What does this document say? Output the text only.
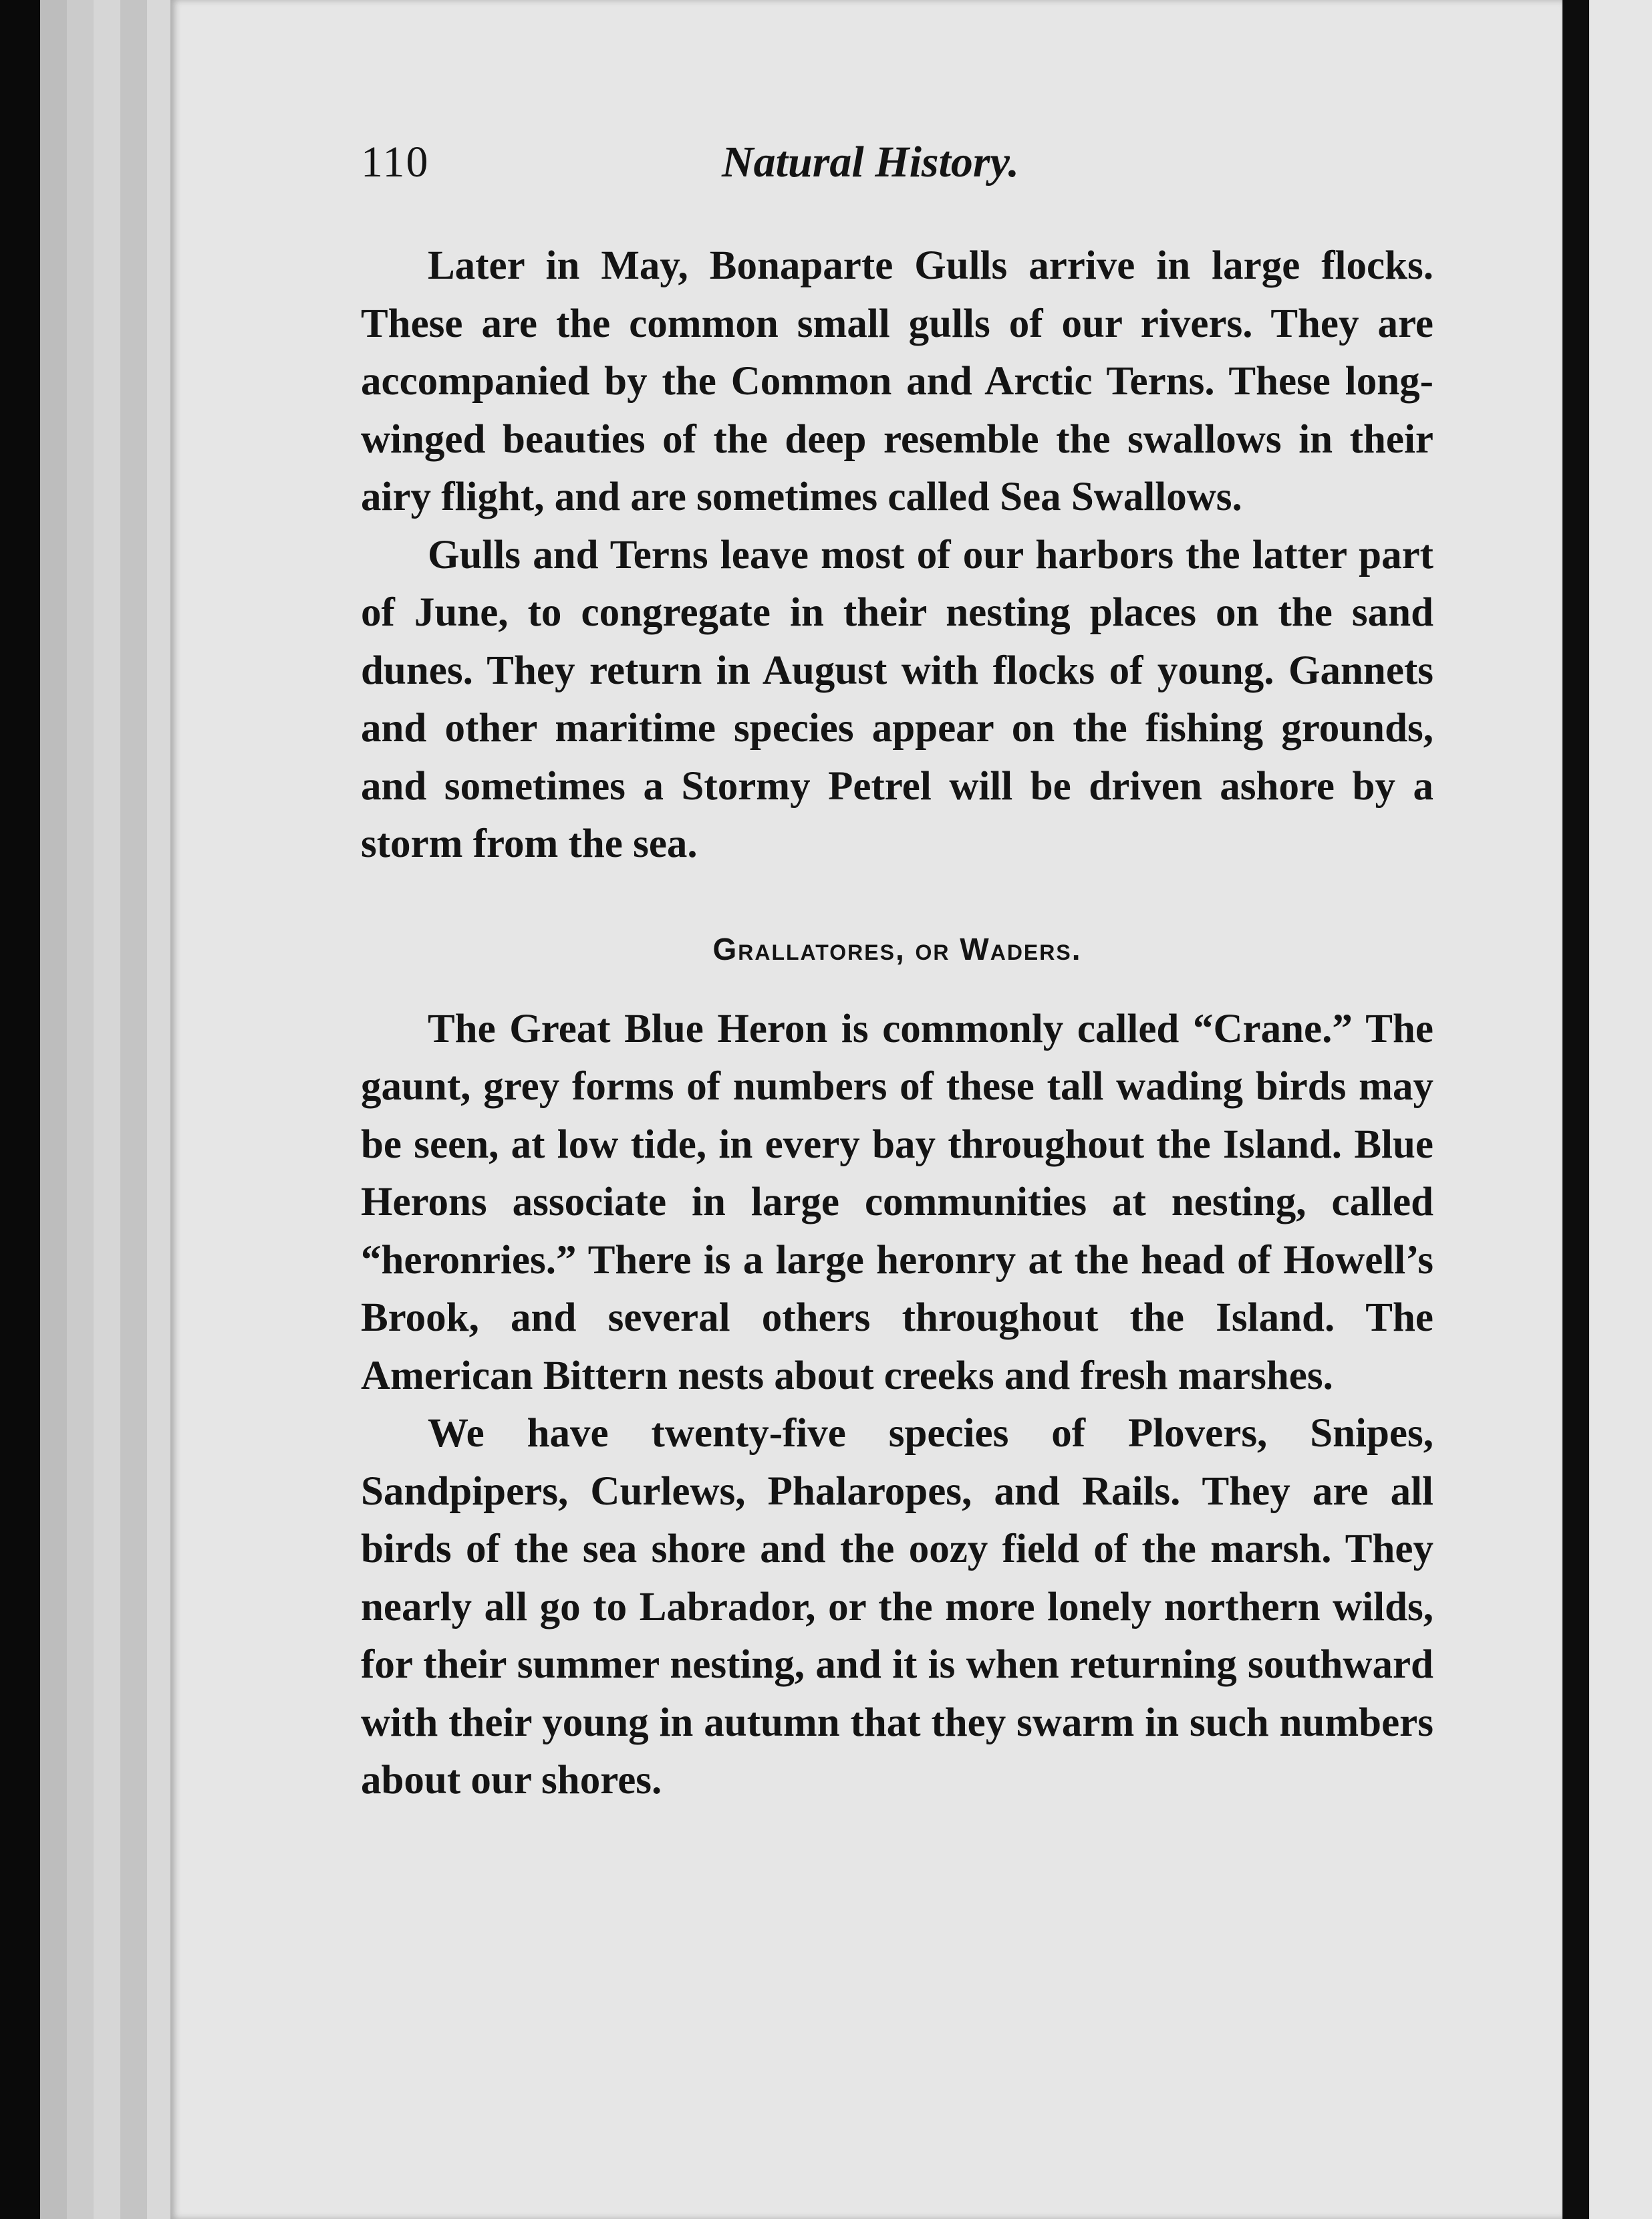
110	Natural History.

Later in May, Bonaparte Gulls arrive in large flocks. These are the common small gulls of our rivers. They are accompanied by the Common and Arctic Terns. These long-winged beauties of the deep resemble the swallows in their airy flight, and are sometimes called Sea Swallows.

Gulls and Terns leave most of our harbors the latter part of June, to congregate in their nesting places on the sand dunes. They return in August with flocks of young. Gannets and other maritime species appear on the fishing grounds, and sometimes a Stormy Petrel will be driven ashore by a storm from the sea.

Grallatores, or Waders.

The Great Blue Heron is commonly called “Crane.” The gaunt, grey forms of numbers of these tall wading birds may be seen, at low tide, in every bay throughout the Island. Blue Herons associate in large communities at nesting, called “heronries.” There is a large heronry at the head of Howell’s Brook, and several others throughout the Island. The American Bittern nests about creeks and fresh marshes.

We have twenty-five species of Plovers, Snipes, Sandpipers, Curlews, Phalaropes, and Rails. They are all birds of the sea shore and the oozy field of the marsh. They nearly all go to Labrador, or the more lonely northern wilds, for their summer nesting, and it is when returning southward with their young in autumn that they swarm in such numbers about our shores.
